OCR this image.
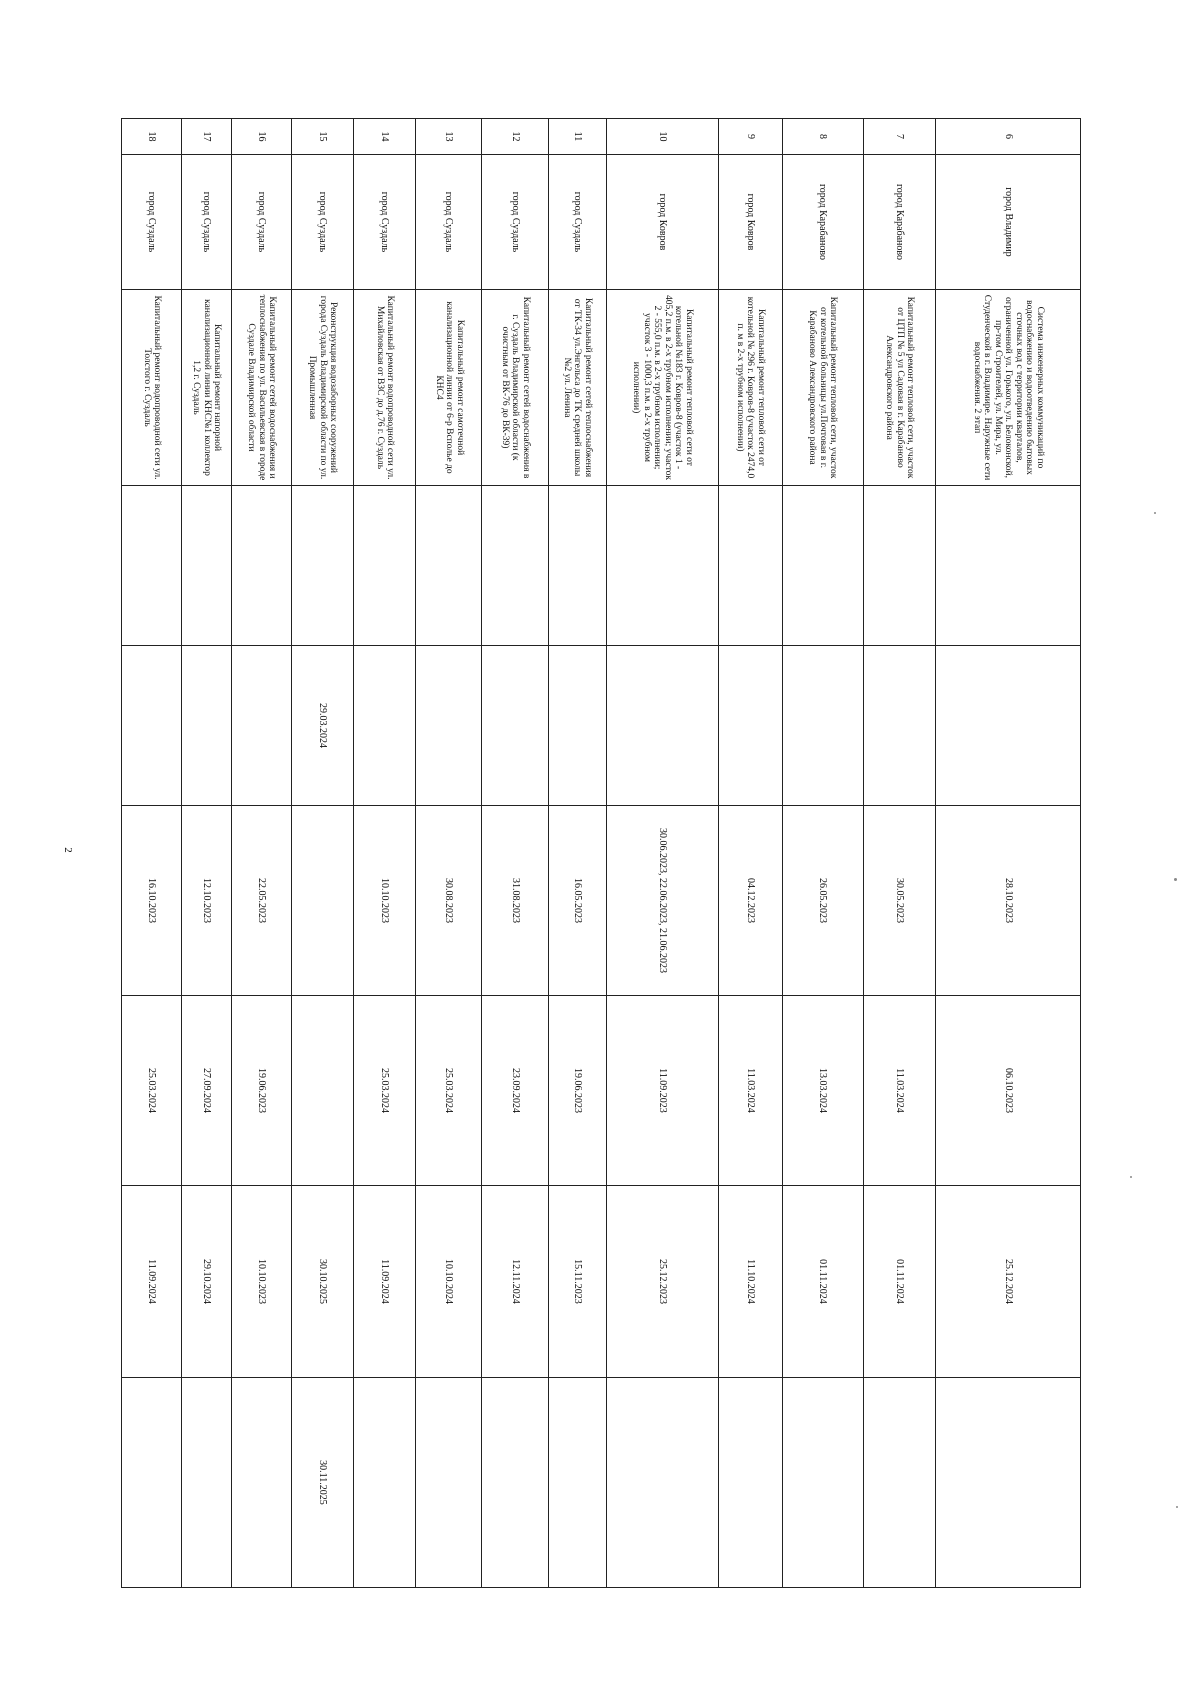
2
6	город Владимир	Система инженерных коммуникаций по водоснабжению и водоотведению бытовых сточных вод с территории кварталов, ограниченной ул. Горького, ул. Белоконской, пр-том Строителей, ул. Мира, ул. Студенческой в г. Владимире. Наружные сети водоснабжения. 2 этап			28.10.2023	06.10.2023	25.12.2024	
7	город Карабаново	Капитальный ремонт тепловой сети, участок от ЦТП № 5 ул Садовая в г. Карабаново Александровского района			30.05.2023	11.03.2024	01.11.2024	
8	город Карабаново	Капитальный ремонт тепловой сети, участок от котельной больницы ул.Почтовая в г. Карабаново Александровского района			26.05.2023	13.03.2024	01.11.2024	
9	город Ковров	Капитальный ремонт тепловой сети от котельной № 296 г. Ковров-8 (участок 2474,0 п. м в 2-х трубном исполнении)			04.12.2023	11.03.2024	11.10.2024	
10	город Ковров	Капитальный ремонт тепловой сети от котельной №183 г. Ковров-8 (участок 1 - 405,2 п.м. в 2-х трубном исполнении; участок 2 - 555,0 п.м. в 2-х трубном исполнении; участок 3 - 1000,3 п.м. в 2-х трубном исполнении)			30.06.2023, 22.06.2023, 21.06.2023	11.09.2023	25.12.2023	
11	город Суздаль	Капитальный ремонт сетей теплоснабжения от ТК-34 ул.Энгельса до ТК средней школы №2 ул. Ленина			16.05.2023	19.06.2023	15.11.2023	
12	город Суздаль	Капитальный ремонт сетей водоснабжения в г. Суздаль Владимирской области (к очистным от ВК-76 до ВК-39)			31.08.2023	23.09.2024	12.11.2024	
13	город Суздаль	Капитальный ремонт самотечной канализационной линии от 6-р Всполье до КНС4			30.08.2023	25.03.2024	10.10.2024	
14	город Суздаль	Капитальный ремонт водопроводной сети ул. Михайловская от ВЗС до д.76 г. Суздаль			10.10.2023	25.03.2024	11.09.2024	
15	город Суздаль	Реконструкция водозаборных сооружений города Суздаль Владимирской области по ул. Промышленная		29.03.2024			30.10.2025	30.11.2025
16	город Суздаль	Капитальный ремонт сетей водоснабжения и теплоснабжения по ул. Васильевская в городе Суздале Владимирской области			22.05.2023	19.06.2023	10.10.2023	
17	город Суздаль	Капитальный ремонт напорной канализационной линии КНС№1 коллектор 1,2 г. Суздаль			12.10.2023	27.09.2024	29.10.2024	
18	город Суздаль	Капитальный ремонт водопроводной сети ул. Толстого г. Суздаль			16.10.2023	25.03.2024	11.09.2024	
